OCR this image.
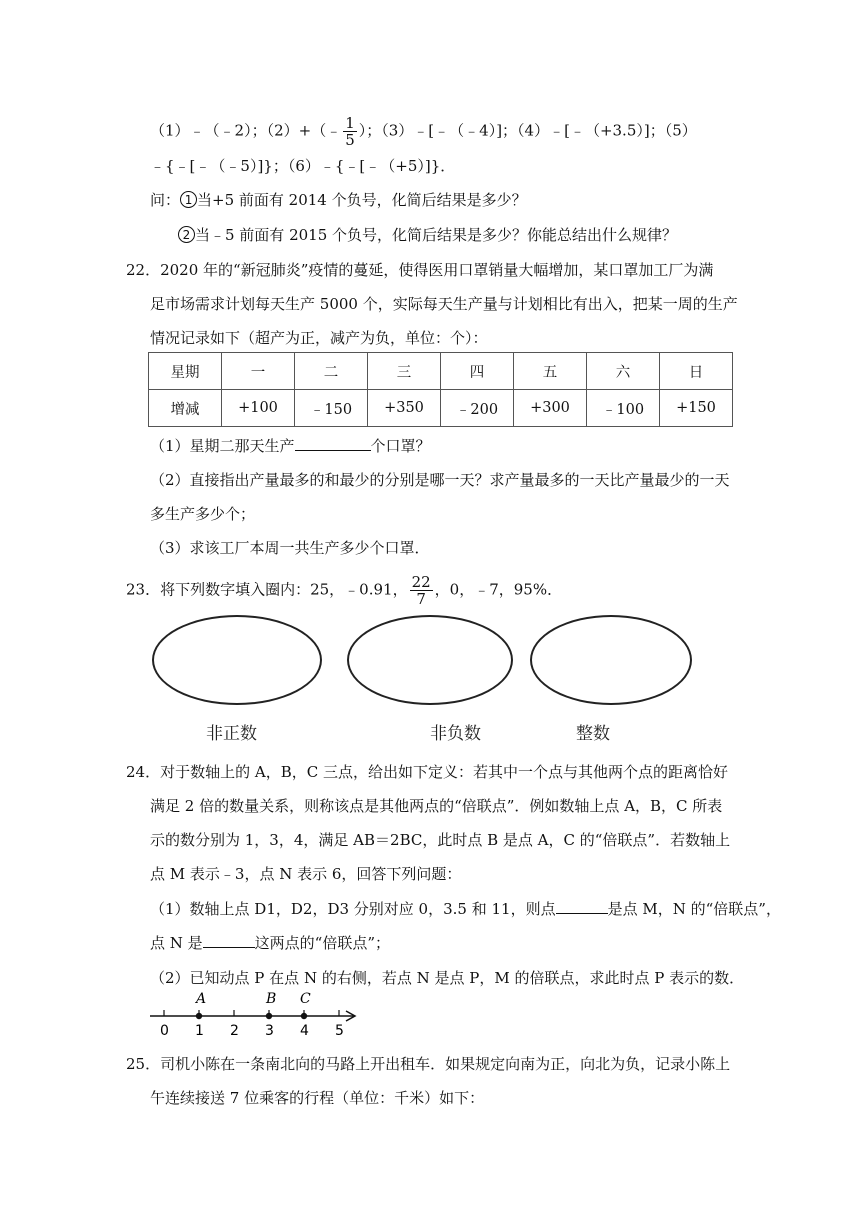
（1）﹣（﹣2）；（2）+（﹣ $\frac{1}{5}$ ）；（3）﹣[﹣（﹣4）]；（4）﹣[﹣（+3.5）]；（5）
﹣{﹣[﹣（﹣5）]}；（6）﹣{﹣[﹣（+5）]}．
问： 1 当+5 前面有 2014 个负号，化简后结果是多少？
2 当﹣5 前面有 2015 个负号，化简后结果是多少？你能总结出什么规律？
22．2020 年的“新冠肺炎”疫情的蔓延，使得医用口罩销量大幅增加，某口罩加工厂为满
足市场需求计划每天生产 5000 个，实际每天生产量与计划相比有出入，把某一周的生产
情况记录如下（超产为正，减产为负，单位：个）：
星期	一	二	三	四	五	六	日
增减	+100	﹣150	+350	﹣200	+300	﹣100	+150
（1）星期二那天生产	个口罩？
（2）直接指出产量最多的和最少的分别是哪一天？求产量最多的一天比产量最少的一天
多生产多少个；
（3）求该工厂本周一共生产多少个口罩．
23．将下列数字填入圈内：25，﹣0.91， $\frac{22}{7}$ ，0，﹣7，95%．
非正数	非负数	整数
24．对于数轴上的 A，B，C 三点，给出如下定义：若其中一个点与其他两个点的距离恰好
满足 2 倍的数量关系，则称该点是其他两点的“倍联点”．例如数轴上点 A，B，C 所表
示的数分别为 1，3，4，满足 AB＝2BC，此时点 B 是点 A，C 的“倍联点”．若数轴上
点 M 表示﹣3，点 N 表示 6，回答下列问题：
（1）数轴上点 D1，D2，D3 分别对应 0，3.5 和 11，则点	是点 M，N 的“倍联点”，
点 N 是	这两点的“倍联点”；
（2）已知动点 P 在点 N 的右侧，若点 N 是点 P，M 的倍联点，求此时点 P 表示的数．
A	B C
0 1 2 3 4 5
25．司机小陈在一条南北向的马路上开出租车．如果规定向南为正，向北为负，记录小陈上
午连续接送 7 位乘客的行程（单位：千米）如下：
